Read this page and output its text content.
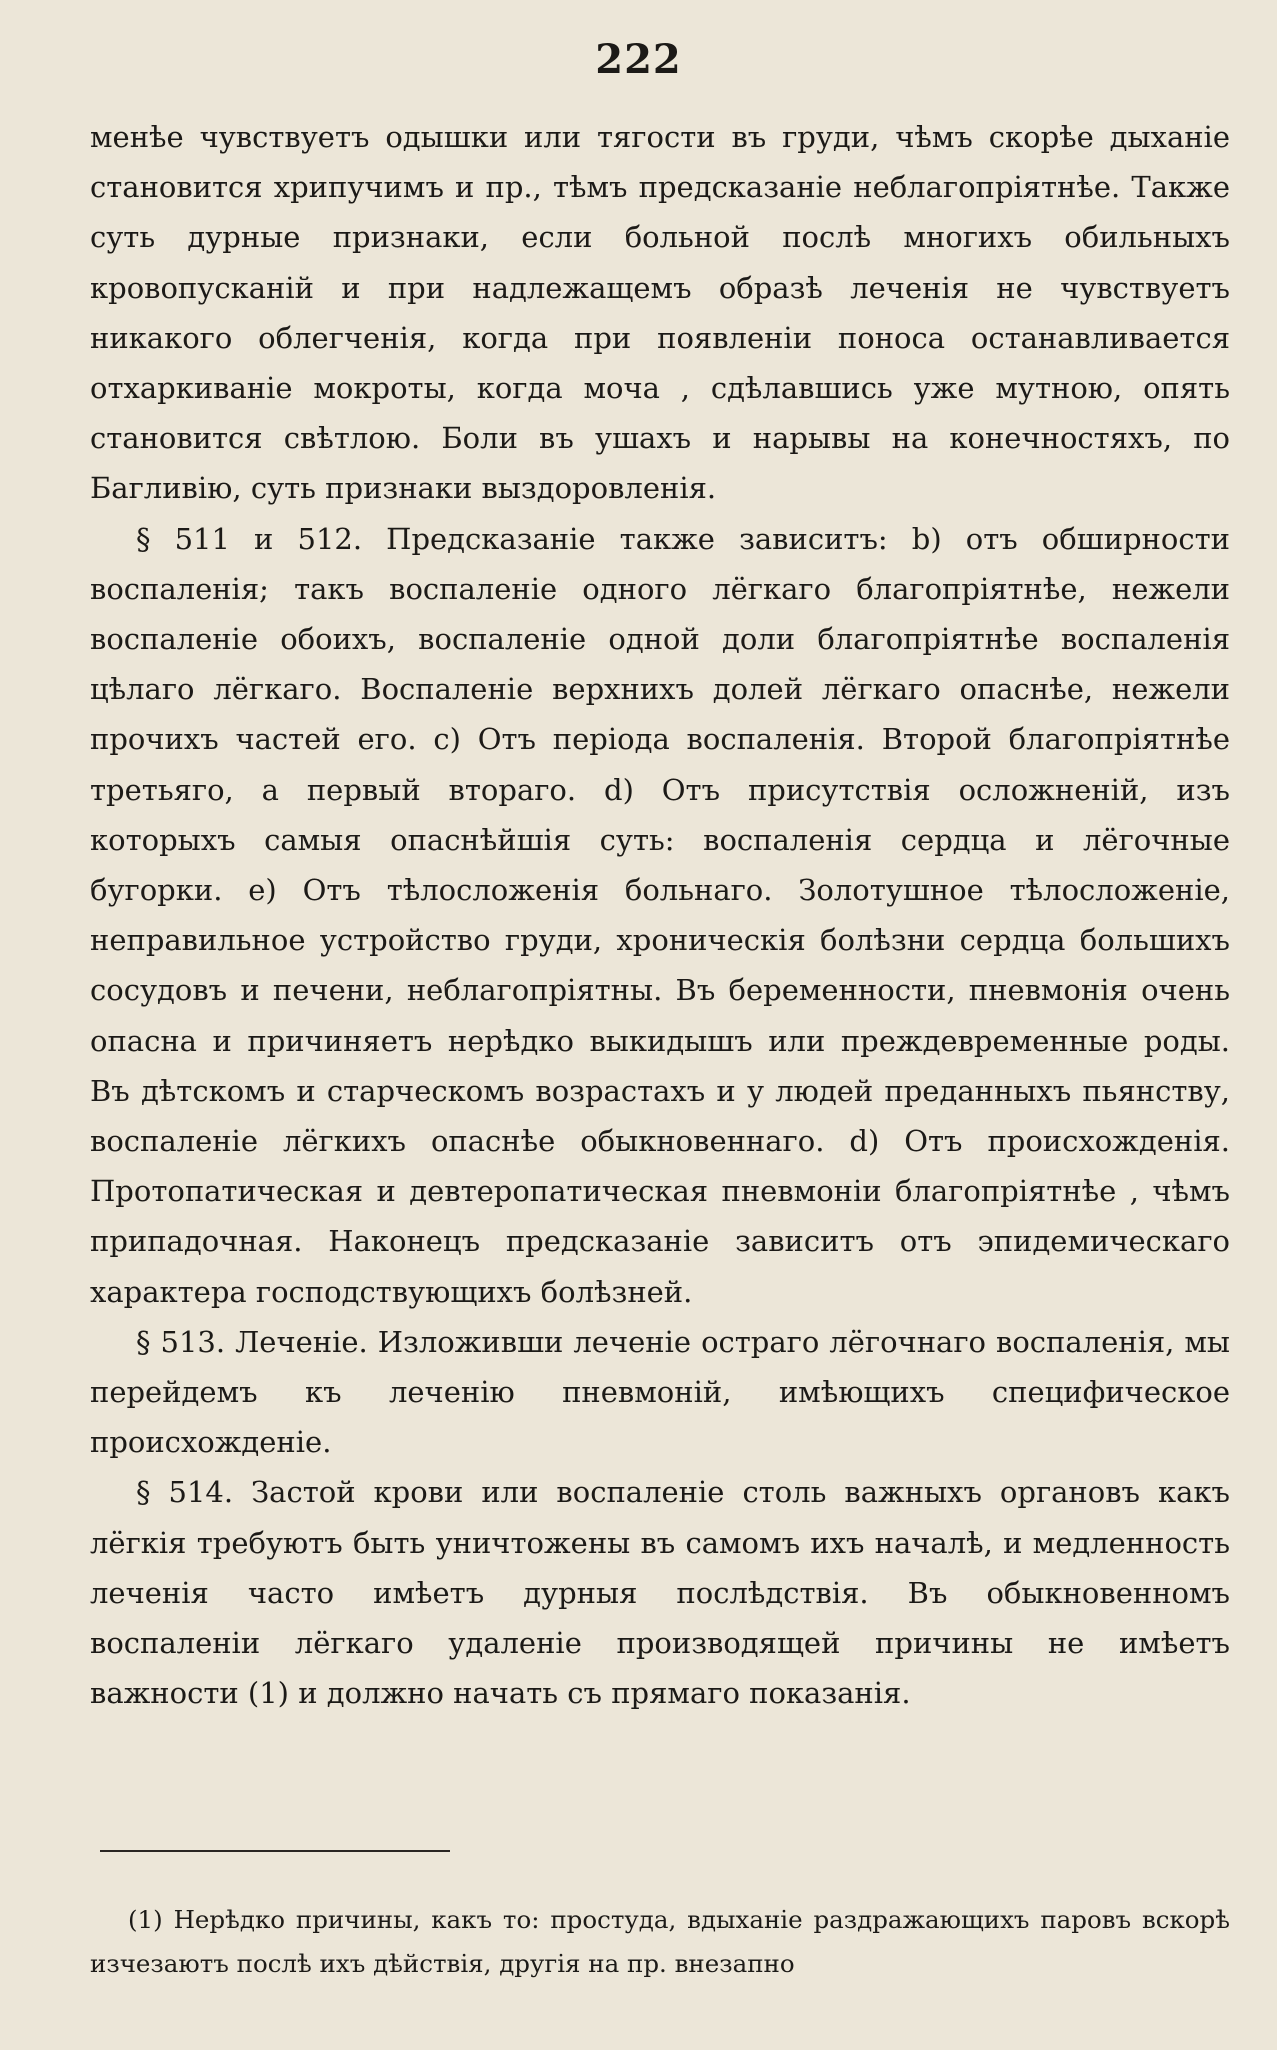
222

менѣе чувствуетъ одышки или тягости въ груди, чѣмъ скорѣе дыханіе становится хрипучимъ и пр., тѣмъ предсказаніе неблагопріятнѣе. Также суть дурные признаки, если больной послѣ многихъ обильныхъ кровопусканій и при надлежащемъ образѣ леченія не чувствуетъ никакого облегченія, когда при появленіи поноса останавливается отхаркиваніе мокроты, когда моча , сдѣлавшись уже мутною, опять становится свѣтлою. Боли въ ушахъ и нарывы на конечностяхъ, по Багливію, суть признаки выздоровленія.

§ 511 и 512. Предсказаніе также зависитъ: b) отъ обширности воспаленія; такъ воспаленіе одного лёгкаго благопріятнѣе, нежели воспаленіе обоихъ, воспаленіе одной доли благопріятнѣе воспаленія цѣлаго лёгкаго. Воспаленіе верхнихъ долей лёгкаго опаснѣе, нежели прочихъ частей его. c) Отъ періода воспаленія. Второй благопріятнѣе третьяго, а первый втораго. d) Отъ присутствія осложненій, изъ которыхъ самыя опаснѣйшія суть: воспаленія сердца и лёгочные бугорки. e) Отъ тѣлосложенія больнаго. Золотушное тѣлосложеніе, неправильное устройство груди, хроническія болѣзни сердца большихъ сосудовъ и печени, неблагопріятны. Въ беременности, пневмонія очень опасна и причиняетъ нерѣдко выкидышъ или преждевременные роды. Въ дѣтскомъ и старческомъ возрастахъ и у людей преданныхъ пьянству, воспаленіе лёгкихъ опаснѣе обыкновеннаго. d) Отъ происхожденія. Протопатическая и девтеропатическая пневмоніи благопріятнѣе , чѣмъ припадочная. Наконецъ предсказаніе зависитъ отъ эпидемическаго характера господствующихъ болѣзней.

§ 513. Леченіе. Изложивши леченіе остраго лёгочнаго воспаленія, мы перейдемъ къ леченію пневмоній, имѣющихъ специфическое происхожденіе.

§ 514. Застой крови или воспаленіе столь важныхъ органовъ какъ лёгкія требуютъ быть уничтожены въ самомъ ихъ началѣ, и медленность леченія часто имѣетъ дурныя послѣдствія. Въ обыкновенномъ воспаленіи лёгкаго удаленіе производящей причины не имѣетъ важности (1) и должно начать съ прямаго показанія.

(1) Нерѣдко причины, какъ то: простуда, вдыханіе раздражающихъ паровъ вскорѣ изчезаютъ послѣ ихъ дѣйствія, другія на пр. внезапно
